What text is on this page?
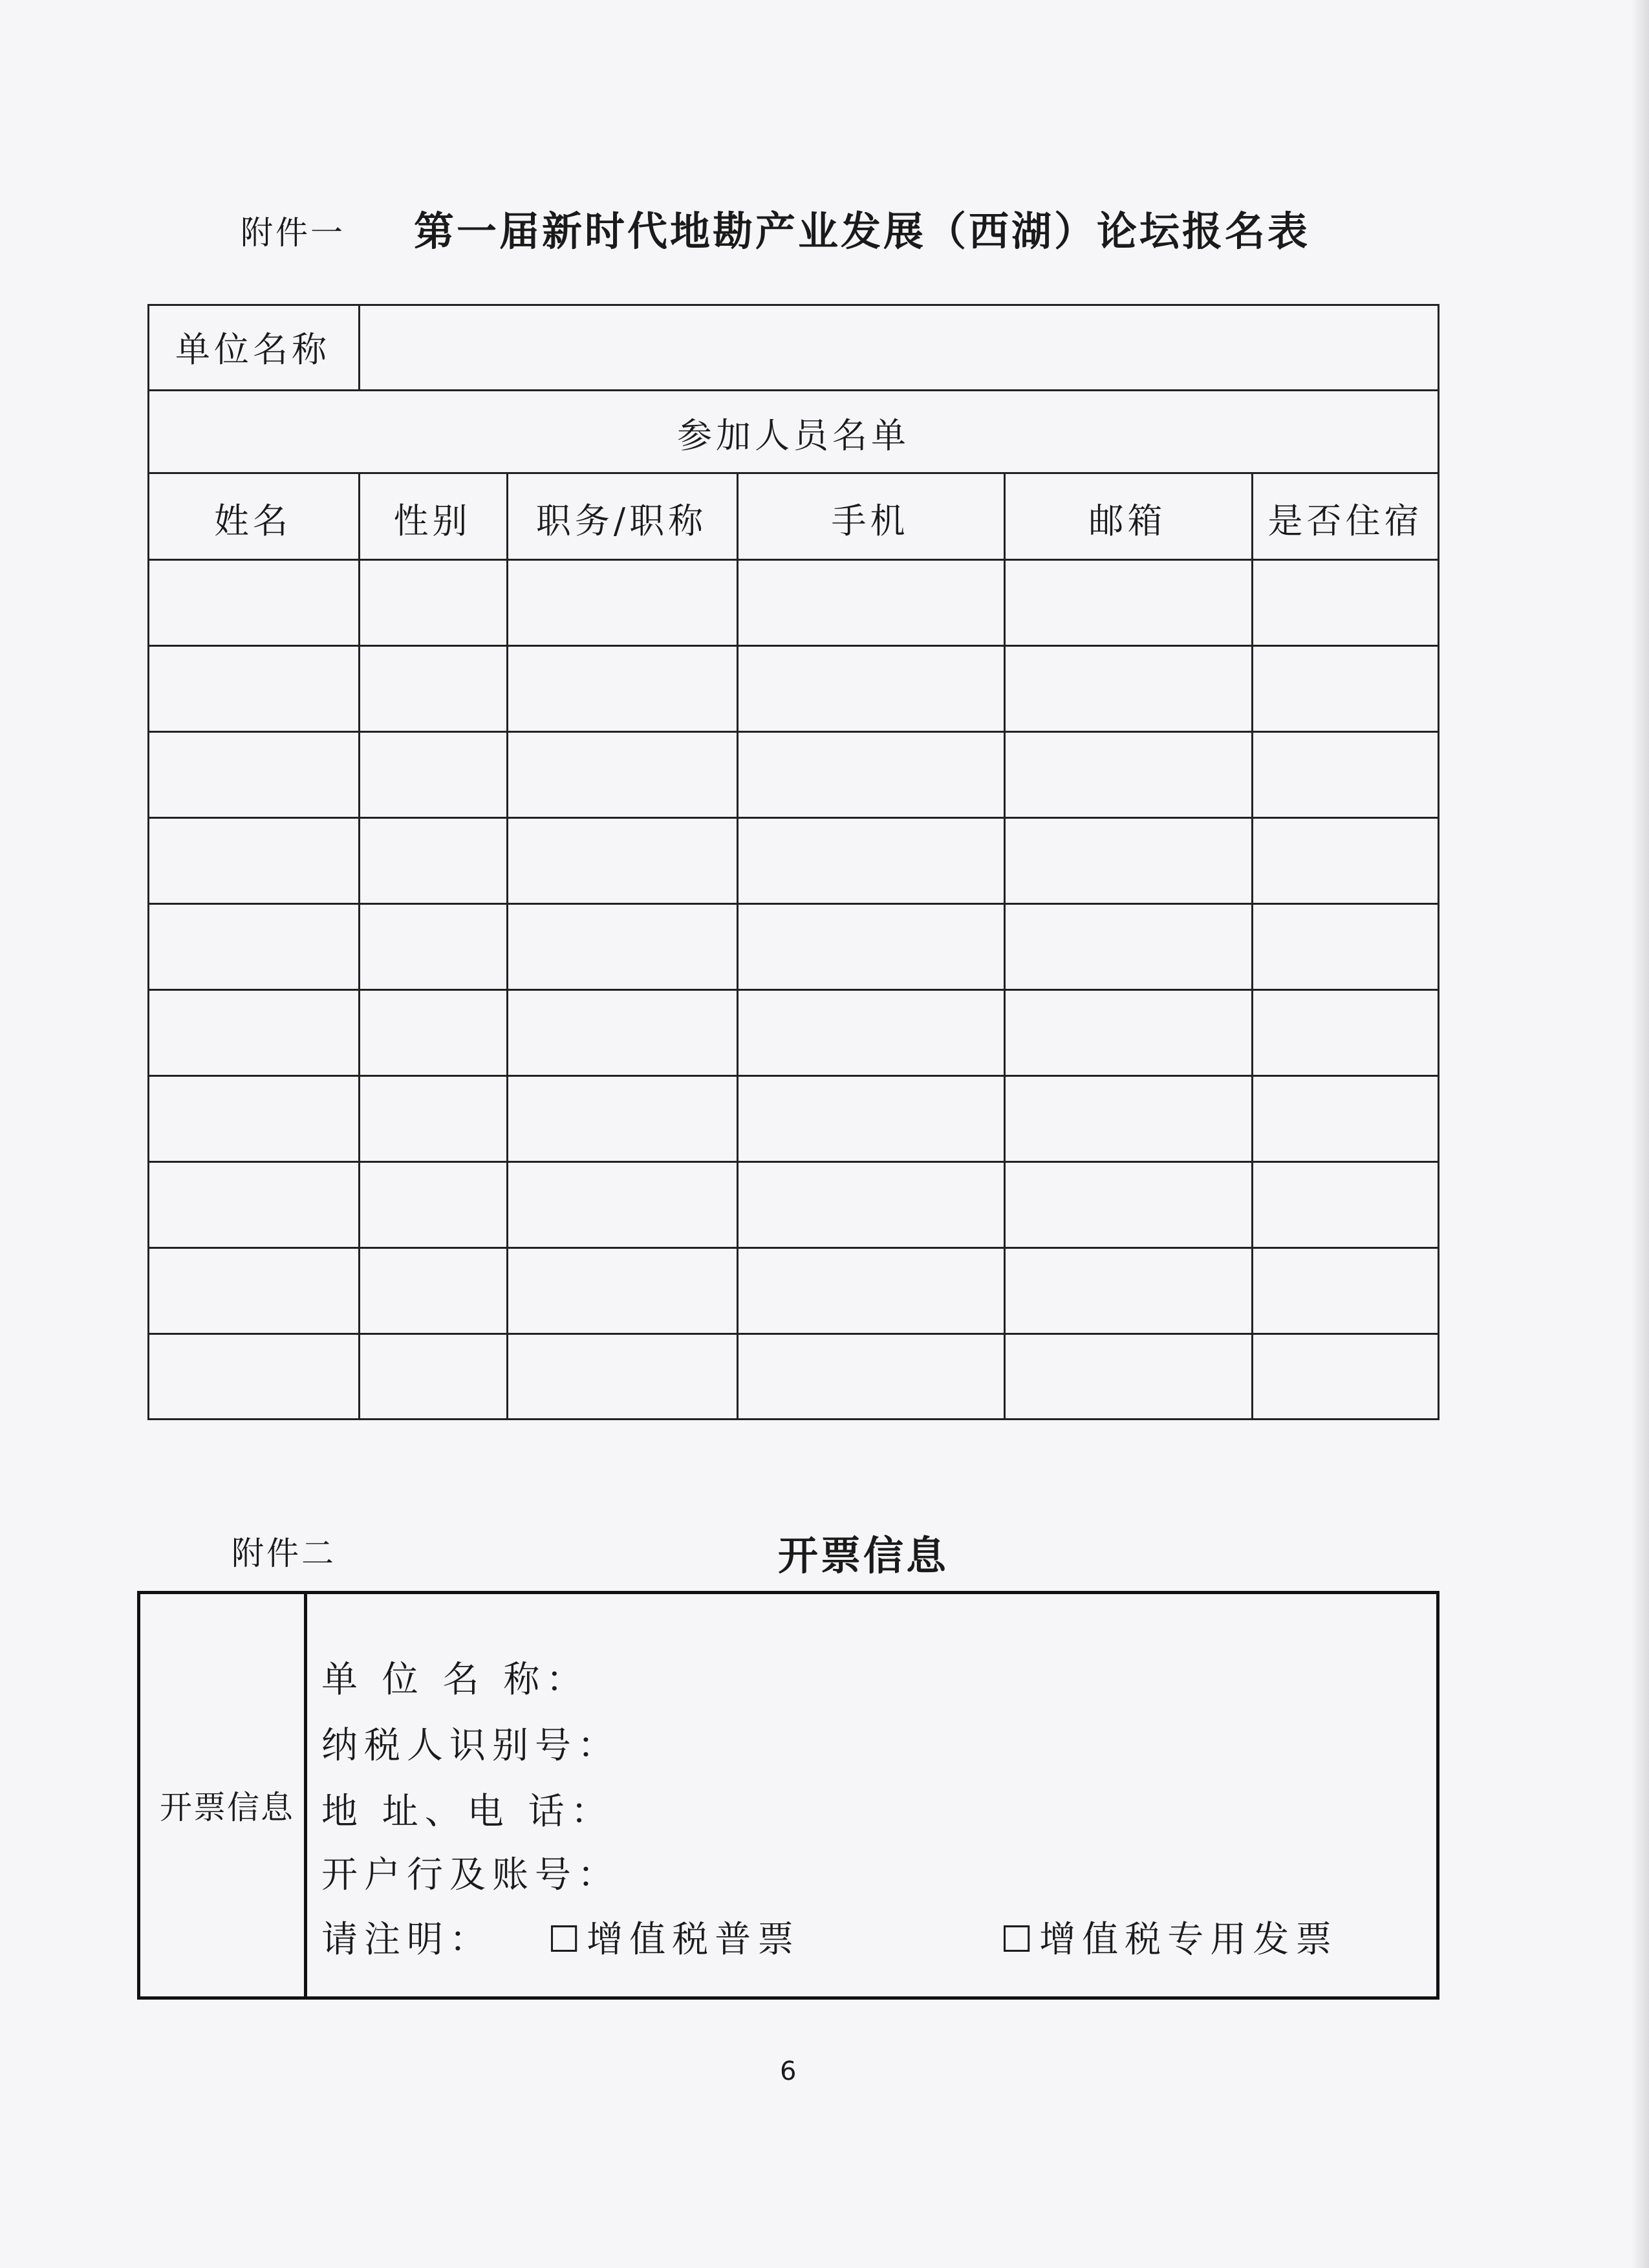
附件一 第一届新时代地勘产业发展（西湖）论坛报名表
单位名称
参加人员名单
姓名	性别	职务/职称	手机	邮箱	是否住宿
附件二	开票信息
开票信息
单 位 名 称：
纳税人识别号：
地 址、电 话：
开户行及账号：
请注明： ☐增值税普票	☐增值税专用发票
6
